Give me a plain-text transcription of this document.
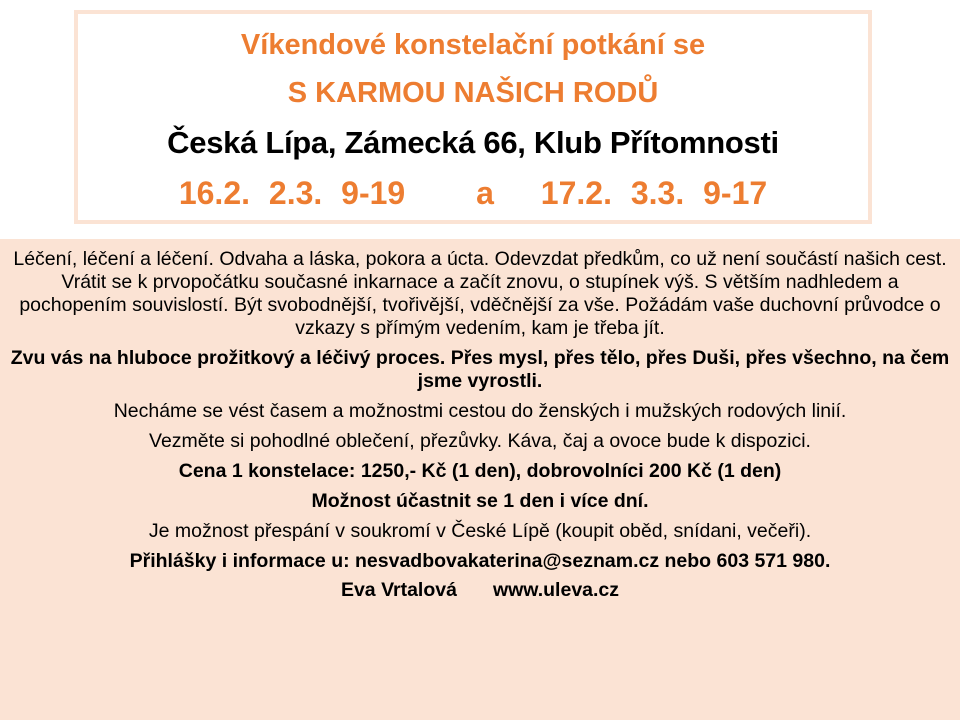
Víkendové konstelační potkání se
S KARMOU NAŠICH RODŮ
Česká Lípa, Zámecká 66, Klub Přítomnosti
16.2. 2.3. 9-19 a 17.2. 3.3. 9-17

Léčení, léčení a léčení. Odvaha a láska, pokora a úcta. Odevzdat předkům, co už není součástí našich cest. Vrátit se k prvopočátku současné inkarnace a začít znovu, o stupínek výš. S větším nadhledem a pochopením souvislostí. Být svobodnější, tvořivější, vděčnější za vše. Požádám vaše duchovní průvodce o vzkazy s přímým vedením, kam je třeba jít.

Zvu vás na hluboce prožitkový a léčivý proces. Přes mysl, přes tělo, přes Duši, přes všechno, na čem jsme vyrostli.

Necháme se vést časem a možnostmi cestou do ženských i mužských rodových linií.

Vezměte si pohodlné oblečení, přezůvky. Káva, čaj a ovoce bude k dispozici.

Cena 1 konstelace: 1250,- Kč (1 den), dobrovolníci 200 Kč (1 den)

Možnost účastnit se 1 den i více dní.

Je možnost přespání v soukromí v České Lípě (koupit oběd, snídani, večeři).

Přihlášky i informace u: nesvadbovakaterina@seznam.cz nebo 603 571 980.

Eva Vrtalová www.uleva.cz
